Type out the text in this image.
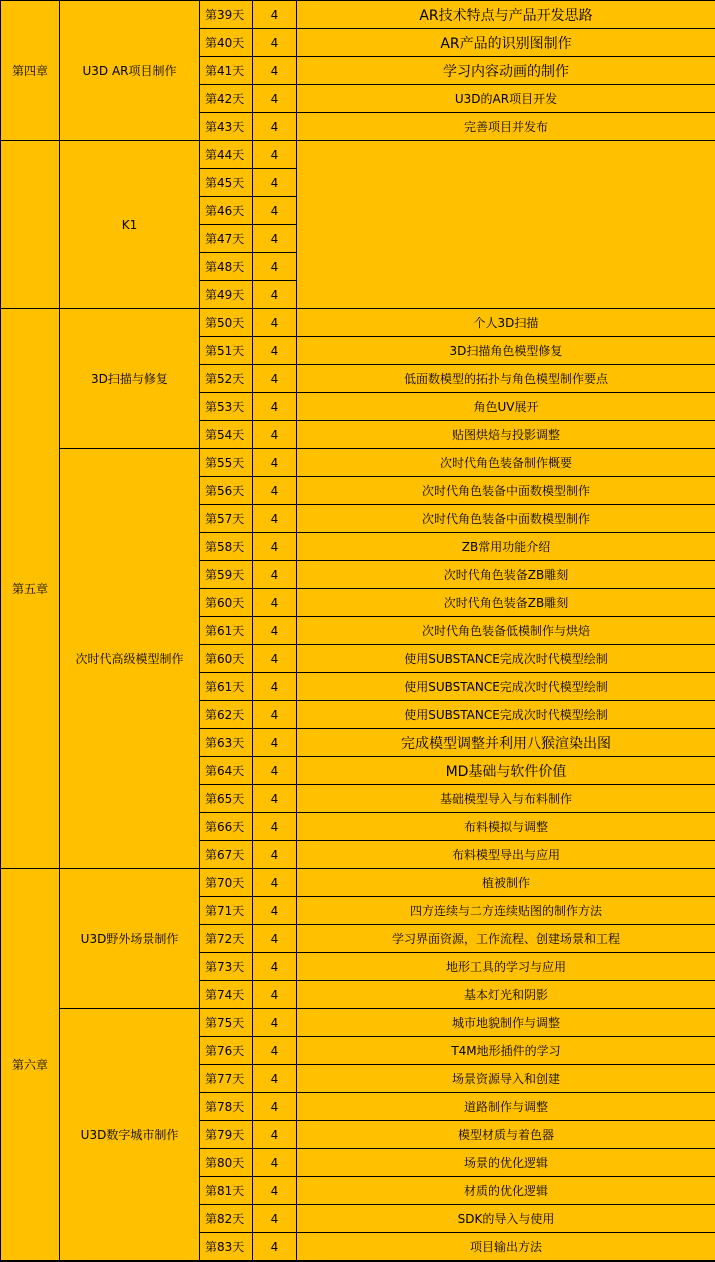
第四章	U3D AR项目制作	第39天	4	AR技术特点与产品开发思路
		第40天	4	AR产品的识别图制作
		第41天	4	学习内容动画的制作
		第42天	4	U3D的AR项目开发
		第43天	4	完善项目并发布
	K1	第44天	4	
		第45天	4	
		第46天	4	
		第47天	4	
		第48天	4	
		第49天	4	
第五章	3D扫描与修复	第50天	4	个人3D扫描
		第51天	4	3D扫描角色模型修复
		第52天	4	低面数模型的拓扑与角色模型制作要点
		第53天	4	角色UV展开
		第54天	4	贴图烘焙与投影调整
	次时代高级模型制作	第55天	4	次时代角色装备制作概要
		第56天	4	次时代角色装备中面数模型制作
		第57天	4	次时代角色装备中面数模型制作
		第58天	4	ZB常用功能介绍
		第59天	4	次时代角色装备ZB雕刻
		第60天	4	次时代角色装备ZB雕刻
		第61天	4	次时代角色装备低模制作与烘焙
		第60天	4	使用SUBSTANCE完成次时代模型绘制
		第61天	4	使用SUBSTANCE完成次时代模型绘制
		第62天	4	使用SUBSTANCE完成次时代模型绘制
		第63天	4	完成模型调整并利用八猴渲染出图
		第64天	4	MD基础与软件价值
		第65天	4	基础模型导入与布料制作
		第66天	4	布料模拟与调整
		第67天	4	布料模型导出与应用
第六章	U3D野外场景制作	第70天	4	植被制作
		第71天	4	四方连续与二方连续贴图的制作方法
		第72天	4	学习界面资源，工作流程、创建场景和工程
		第73天	4	地形工具的学习与应用
		第74天	4	基本灯光和阴影
	U3D数字城市制作	第75天	4	城市地貌制作与调整
		第76天	4	T4M地形插件的学习
		第77天	4	场景资源导入和创建
		第78天	4	道路制作与调整
		第79天	4	模型材质与着色器
		第80天	4	场景的优化逻辑
		第81天	4	材质的优化逻辑
		第82天	4	SDK的导入与使用
		第83天	4	项目输出方法
